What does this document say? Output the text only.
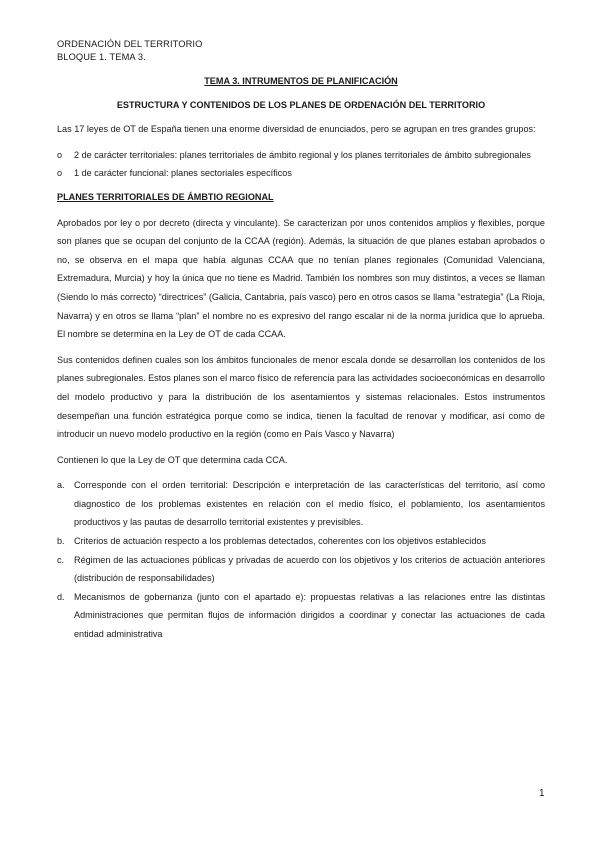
ORDENACIÓN DEL TERRITORIO
BLOQUE 1. TEMA 3.
TEMA 3. INTRUMENTOS DE PLANIFICACIÓN
ESTRUCTURA Y CONTENIDOS DE LOS PLANES DE ORDENACIÓN DEL TERRITORIO
Las 17 leyes de OT de España tienen una enorme diversidad de enunciados, pero se agrupan en tres grandes grupos:
o 2 de carácter territoriales: planes territoriales de ámbito regional y los planes territoriales de ámbito subregionales
o 1 de carácter funcional: planes sectoriales específicos
PLANES TERRITORIALES DE ÁMBTIO REGIONAL
Aprobados por ley o por decreto (directa y vinculante). Se caracterizan por unos contenidos amplios y flexibles, porque son planes que se ocupan del conjunto de la CCAA (región). Además, la situación de que planes estaban aprobados o no, se observa en el mapa que había algunas CCAA que no tenían planes regionales (Comunidad Valenciana, Extremadura, Murcia) y hoy la única que no tiene es Madrid. También los nombres son muy distintos, a veces se llaman (Siendo lo más correcto) “directrices” (Galicia, Cantabria, país vasco) pero en otros casos se llama “estrategia” (La Rioja, Navarra) y en otros se llama “plan” el nombre no es expresivo del rango escalar ni de la norma jurídica que lo aprueba. El nombre se determina en la Ley de OT de cada CCAA.
Sus contenidos definen cuales son los ámbitos funcionales de menor escala donde se desarrollan los contenidos de los planes subregionales. Estos planes son el marco físico de referencia para las actividades socioeconómicas en desarrollo del modelo productivo y para la distribución de los asentamientos y sistemas relacionales. Estos instrumentos desempeñan una función estratégica porque como se indica, tienen la facultad de renovar y modificar, así como de introducir un nuevo modelo productivo en la región (como en País Vasco y Navarra)
Contienen lo que la Ley de OT que determina cada CCA.
a. Corresponde con el orden territorial: Descripción e interpretación de las características del territorio, así como diagnostico de los problemas existentes en relación con el medio físico, el poblamiento, los asentamientos productivos y las pautas de desarrollo territorial existentes y previsibles.
b. Criterios de actuación respecto a los problemas detectados, coherentes con los objetivos establecidos
c. Régimen de las actuaciones públicas y privadas de acuerdo con los objetivos y los criterios de actuación anteriores (distribución de responsabilidades)
d. Mecanismos de gobernanza (junto con el apartado e): propuestas relativas a las relaciones entre las distintas Administraciones que permitan flujos de información dirigidos a coordinar y conectar las actuaciones de cada entidad administrativa
1
